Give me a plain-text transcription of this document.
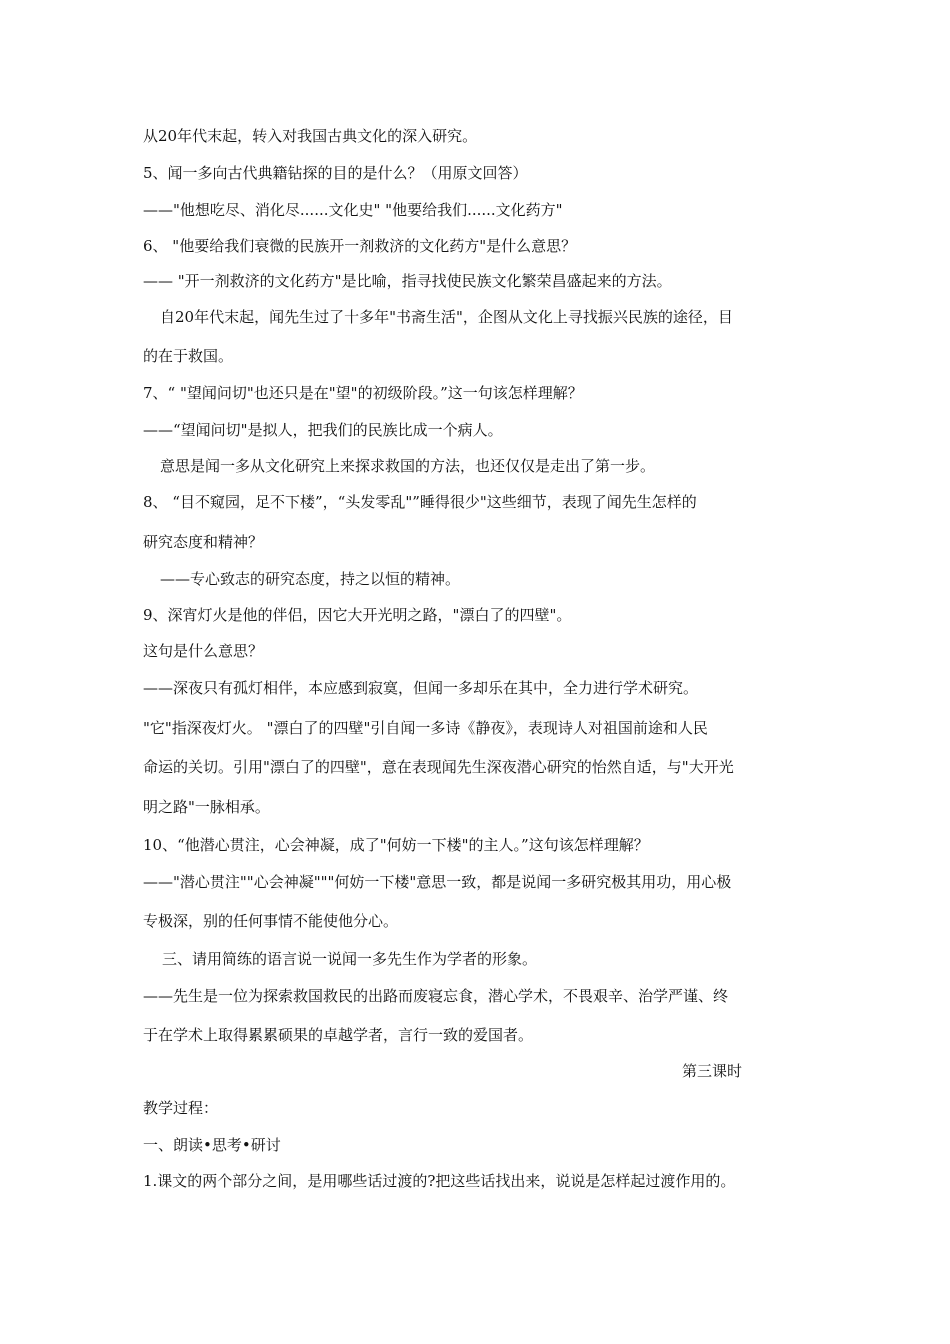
从20年代末起，转入对我国古典文化的深入研究。
5、闻一多向古代典籍钻探的目的是什么？（用原文回答）
——"他想吃尽、消化尽......文化史" "他要给我们......文化药方"
6、 "他要给我们衰微的民族开一剂救济的文化药方"是什么意思？
—— "开一剂救济的文化药方"是比喻，指寻找使民族文化繁荣昌盛起来的方法。
自20年代末起，闻先生过了十多年"书斋生活"，企图从文化上寻找振兴民族的途径，目
的在于救国。
7、“ "望闻问切"也还只是在"望"的初级阶段。”这一句该怎样理解？
——“望闻问切"是拟人，把我们的民族比成一个病人。
意思是闻一多从文化研究上来探求救国的方法，也还仅仅是走出了第一步。
8、 “目不窥园，足不下楼”，“头发零乱"”睡得很少"这些细节，表现了闻先生怎样的
研究态度和精神？
——专心致志的研究态度，持之以恒的精神。
9、深宵灯火是他的伴侣，因它大开光明之路，"漂白了的四壁"。
这句是什么意思？
——深夜只有孤灯相伴，本应感到寂寞，但闻一多却乐在其中，全力进行学术研究。
"它"指深夜灯火。 "漂白了的四壁"引自闻一多诗《静夜》，表现诗人对祖国前途和人民
命运的关切。引用"漂白了的四壁"，意在表现闻先生深夜潜心研究的怡然自适，与"大开光
明之路"一脉相承。
10、“他潜心贯注，心会神凝，成了"何妨一下楼"的主人。”这句该怎样理解？
——"潜心贯注""心会神凝"""何妨一下楼"意思一致，都是说闻一多研究极其用功，用心极
专极深，别的任何事情不能使他分心。
三、请用简练的语言说一说闻一多先生作为学者的形象。
——先生是一位为探索救国救民的出路而废寝忘食，潜心学术，不畏艰辛、治学严谨、终
于在学术上取得累累硕果的卓越学者，言行一致的爱国者。
第三课时
教学过程：
一、朗读•思考•研讨
1.课文的两个部分之间，是用哪些话过渡的?把这些话找出来，说说是怎样起过渡作用的。
